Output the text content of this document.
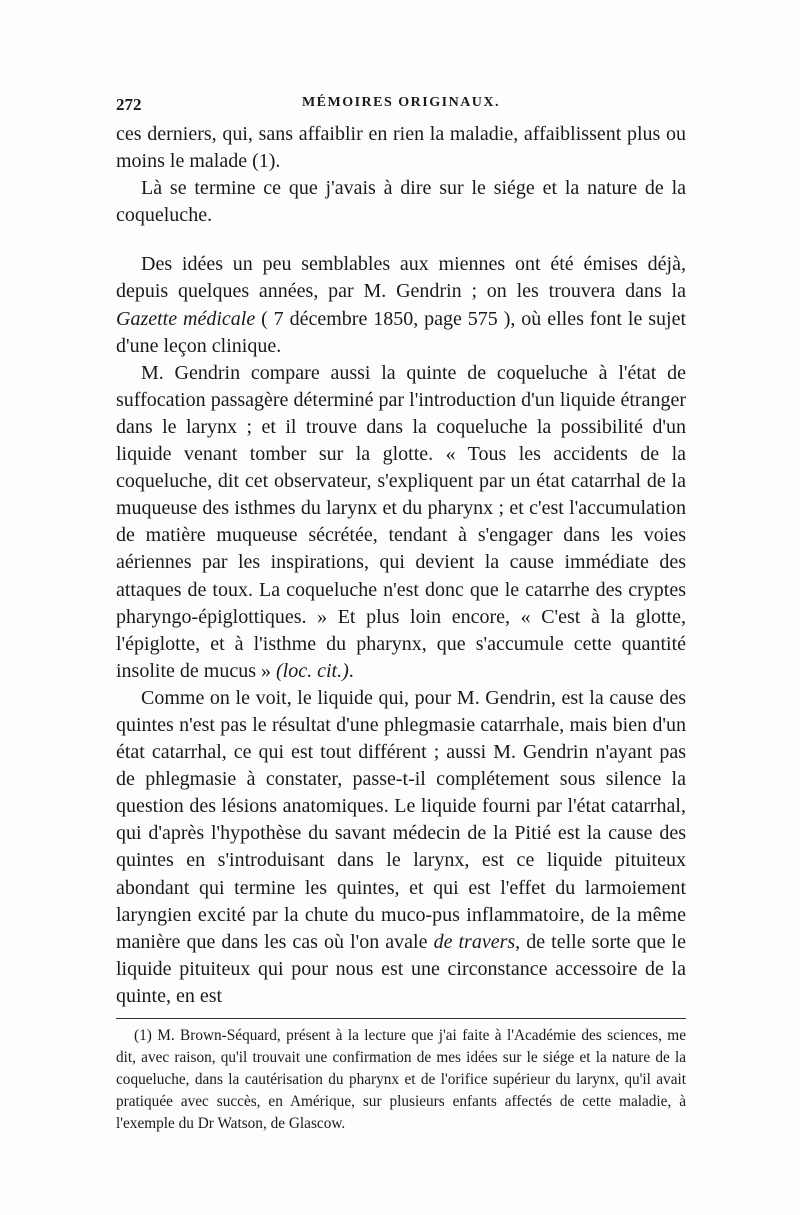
272	MÉMOIRES ORIGINAUX.

ces derniers, qui, sans affaiblir en rien la maladie, affaiblissent plus ou moins le malade (1).

Là se termine ce que j'avais à dire sur le siége et la nature de la coqueluche.

Des idées un peu semblables aux miennes ont été émises déjà, depuis quelques années, par M. Gendrin ; on les trouvera dans la Gazette médicale ( 7 décembre 1850, page 575 ), où elles font le sujet d'une leçon clinique.

M. Gendrin compare aussi la quinte de coqueluche à l'état de suffocation passagère déterminé par l'introduction d'un liquide étranger dans le larynx ; et il trouve dans la coqueluche la possibilité d'un liquide venant tomber sur la glotte. « Tous les accidents de la coqueluche, dit cet observateur, s'expliquent par un état catarrhal de la muqueuse des isthmes du larynx et du pharynx ; et c'est l'accumulation de matière muqueuse sécrétée, tendant à s'engager dans les voies aériennes par les inspirations, qui devient la cause immédiate des attaques de toux. La coqueluche n'est donc que le catarrhe des cryptes pharyngo-épiglottiques. » Et plus loin encore, « C'est à la glotte, l'épiglotte, et à l'isthme du pharynx, que s'accumule cette quantité insolite de mucus » (loc. cit.).

Comme on le voit, le liquide qui, pour M. Gendrin, est la cause des quintes n'est pas le résultat d'une phlegmasie catarrhale, mais bien d'un état catarrhal, ce qui est tout différent ; aussi M. Gendrin n'ayant pas de phlegmasie à constater, passe-t-il complétement sous silence la question des lésions anatomiques. Le liquide fourni par l'état catarrhal, qui d'après l'hypothèse du savant médecin de la Pitié est la cause des quintes en s'introduisant dans le larynx, est ce liquide pituiteux abondant qui termine les quintes, et qui est l'effet du larmoiement laryngien excité par la chute du muco-pus inflammatoire, de la même manière que dans les cas où l'on avale de travers, de telle sorte que le liquide pituiteux qui pour nous est une circonstance accessoire de la quinte, en est

(1) M. Brown-Séquard, présent à la lecture que j'ai faite à l'Académie des sciences, me dit, avec raison, qu'il trouvait une confirmation de mes idées sur le siége et la nature de la coqueluche, dans la cautérisation du pharynx et de l'orifice supérieur du larynx, qu'il avait pratiquée avec succès, en Amérique, sur plusieurs enfants affectés de cette maladie, à l'exemple du Dr Watson, de Glascow.
